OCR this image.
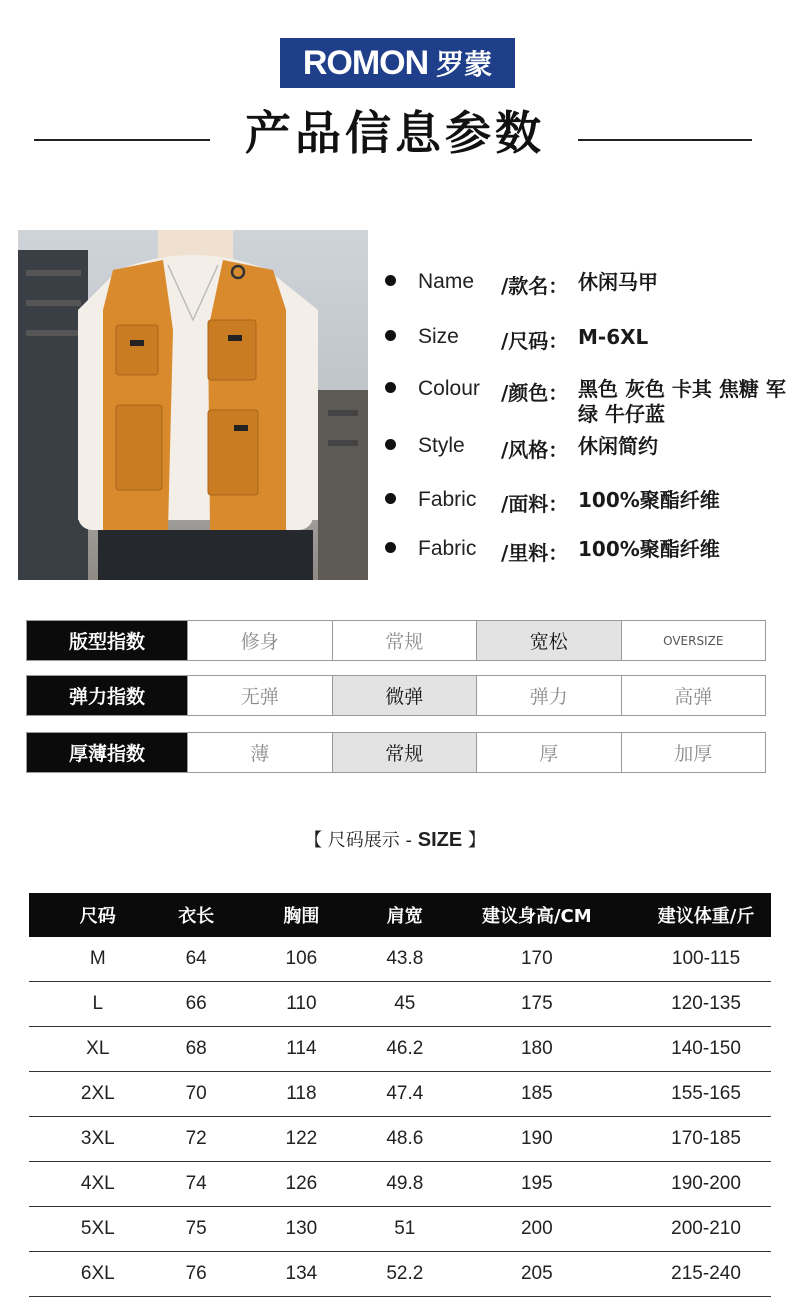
ROMON 罗蒙
产品信息参数
Name /款名： 休闲马甲
Size /尺码： M-6XL
Colour /颜色： 黑色 灰色 卡其 焦糖 军绿 牛仔蓝
Style /风格： 休闲简约
Fabric /面料： 100%聚酯纤维
Fabric /里料： 100%聚酯纤维
版型指数	修身	常规	宽松	OVERSIZE
弹力指数	无弹	微弹	弹力	高弹
厚薄指数	薄	常规	厚	加厚
【 尺码展示 - SIZE 】
尺码	衣长	胸围	肩宽	建议身高/CM	建议体重/斤
M	64	106	43.8	170	100-115
L	66	110	45	175	120-135
XL	68	114	46.2	180	140-150
2XL	70	118	47.4	185	155-165
3XL	72	122	48.6	190	170-185
4XL	74	126	49.8	195	190-200
5XL	75	130	51	200	200-210
6XL	76	134	52.2	205	215-240
